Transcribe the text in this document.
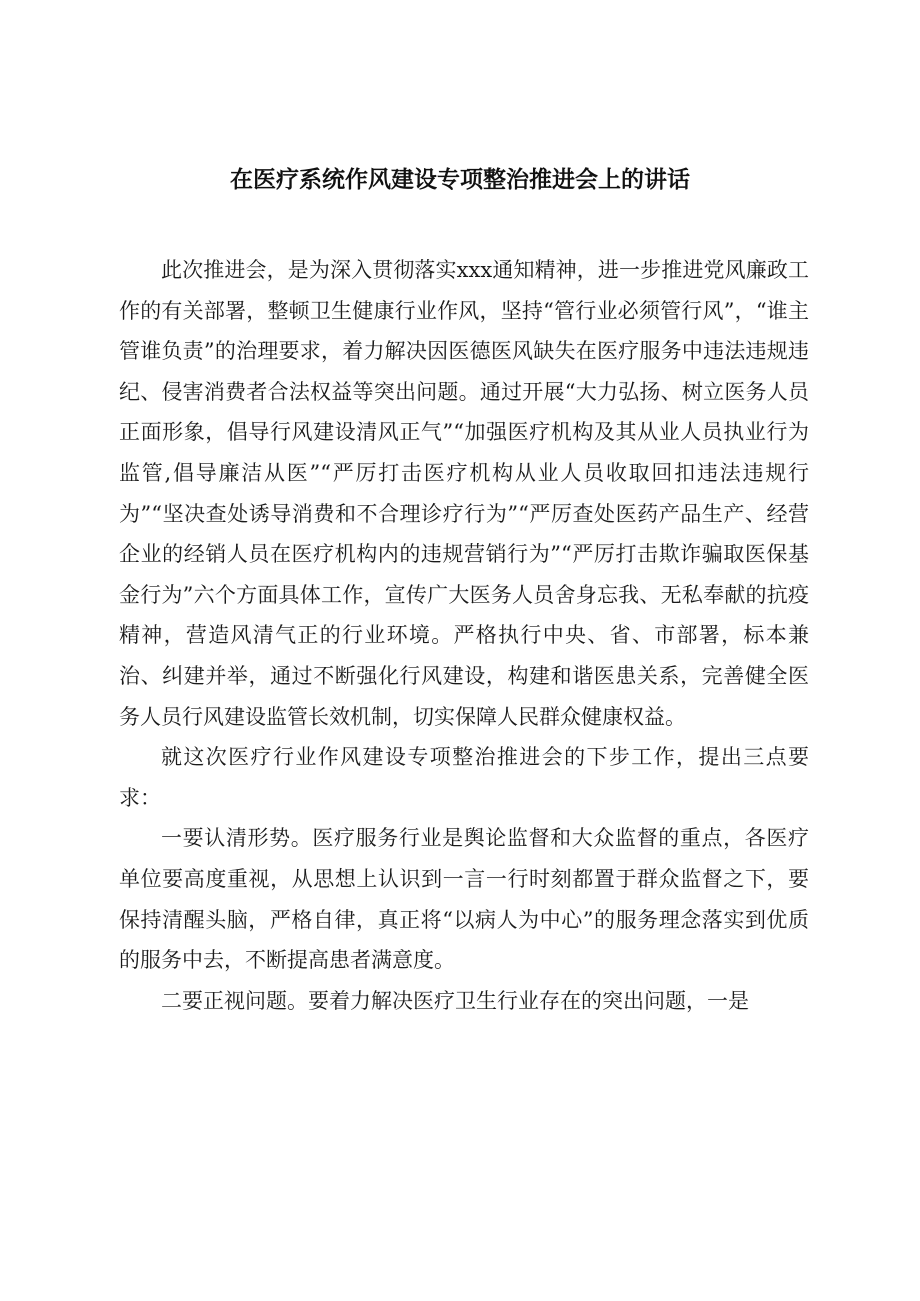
在医疗系统作风建设专项整治推进会上的讲话

此次推进会，是为深入贯彻落实xxx通知精神，进一步推进党风廉政工作的有关部署，整顿卫生健康行业作风，坚持“管行业必须管行风”，“谁主管谁负责”的治理要求，着力解决因医德医风缺失在医疗服务中违法违规违纪、侵害消费者合法权益等突出问题。通过开展“大力弘扬、树立医务人员正面形象，倡导行风建设清风正气”“加强医疗机构及其从业人员执业行为监管,倡导廉洁从医”“严厉打击医疗机构从业人员收取回扣违法违规行为”“坚决查处诱导消费和不合理诊疗行为”“严厉查处医药产品生产、经营企业的经销人员在医疗机构内的违规营销行为”“严厉打击欺诈骗取医保基金行为”六个方面具体工作，宣传广大医务人员舍身忘我、无私奉献的抗疫精神，营造风清气正的行业环境。严格执行中央、省、市部署，标本兼治、纠建并举，通过不断强化行风建设，构建和谐医患关系，完善健全医务人员行风建设监管长效机制，切实保障人民群众健康权益。

就这次医疗行业作风建设专项整治推进会的下步工作，提出三点要求：

一要认清形势。医疗服务行业是舆论监督和大众监督的重点，各医疗单位要高度重视，从思想上认识到一言一行时刻都置于群众监督之下，要保持清醒头脑，严格自律，真正将“以病人为中心”的服务理念落实到优质的服务中去，不断提高患者满意度。

二要正视问题。要着力解决医疗卫生行业存在的突出问题，一是
